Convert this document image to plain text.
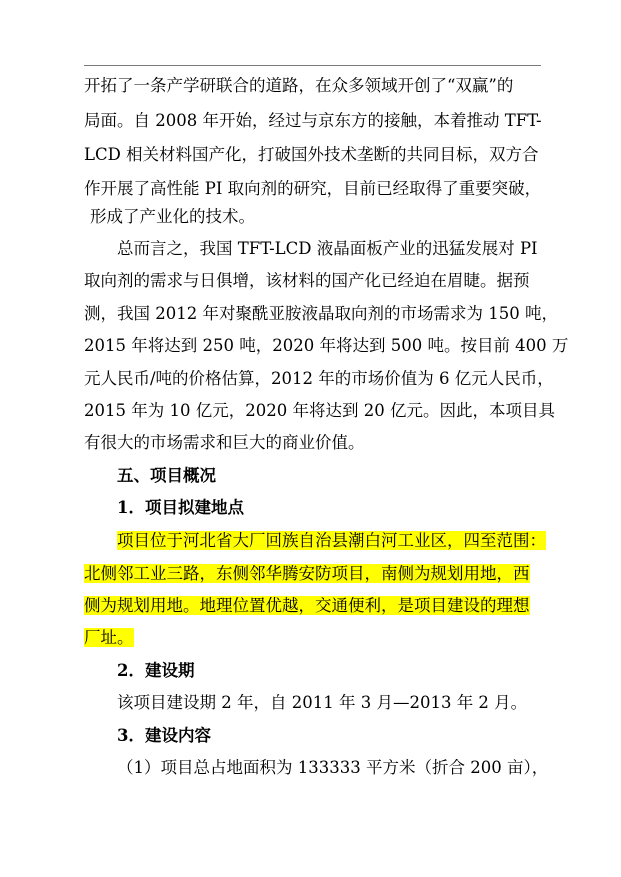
开拓了一条产学研联合的道路，在众多领域开创了“双赢”的
局面。自 2008 年开始，经过与京东方的接触，本着推动 TFT-
LCD 相关材料国产化，打破国外技术垄断的共同目标，双方合
作开展了高性能 PI 取向剂的研究，目前已经取得了重要突破，
形成了产业化的技术。
总而言之，我国 TFT-LCD 液晶面板产业的迅猛发展对 PI
取向剂的需求与日俱增，该材料的国产化已经迫在眉睫。据预
测，我国 2012 年对聚酰亚胺液晶取向剂的市场需求为 150 吨，
2015 年将达到 250 吨，2020 年将达到 500 吨。按目前 400 万
元人民币/吨的价格估算，2012 年的市场价值为 6 亿元人民币，
2015 年为 10 亿元，2020 年将达到 20 亿元。因此，本项目具
有很大的市场需求和巨大的商业价值。
五、项目概况
1．项目拟建地点
项目位于河北省大厂回族自治县潮白河工业区，四至范围：
北侧邻工业三路，东侧邻华腾安防项目，南侧为规划用地，西
侧为规划用地。地理位置优越，交通便利，是项目建设的理想
厂址。
2．建设期
该项目建设期 2 年，自 2011 年 3 月—2013 年 2 月。
3．建设内容
（1）项目总占地面积为 133333 平方米（折合 200 亩），
